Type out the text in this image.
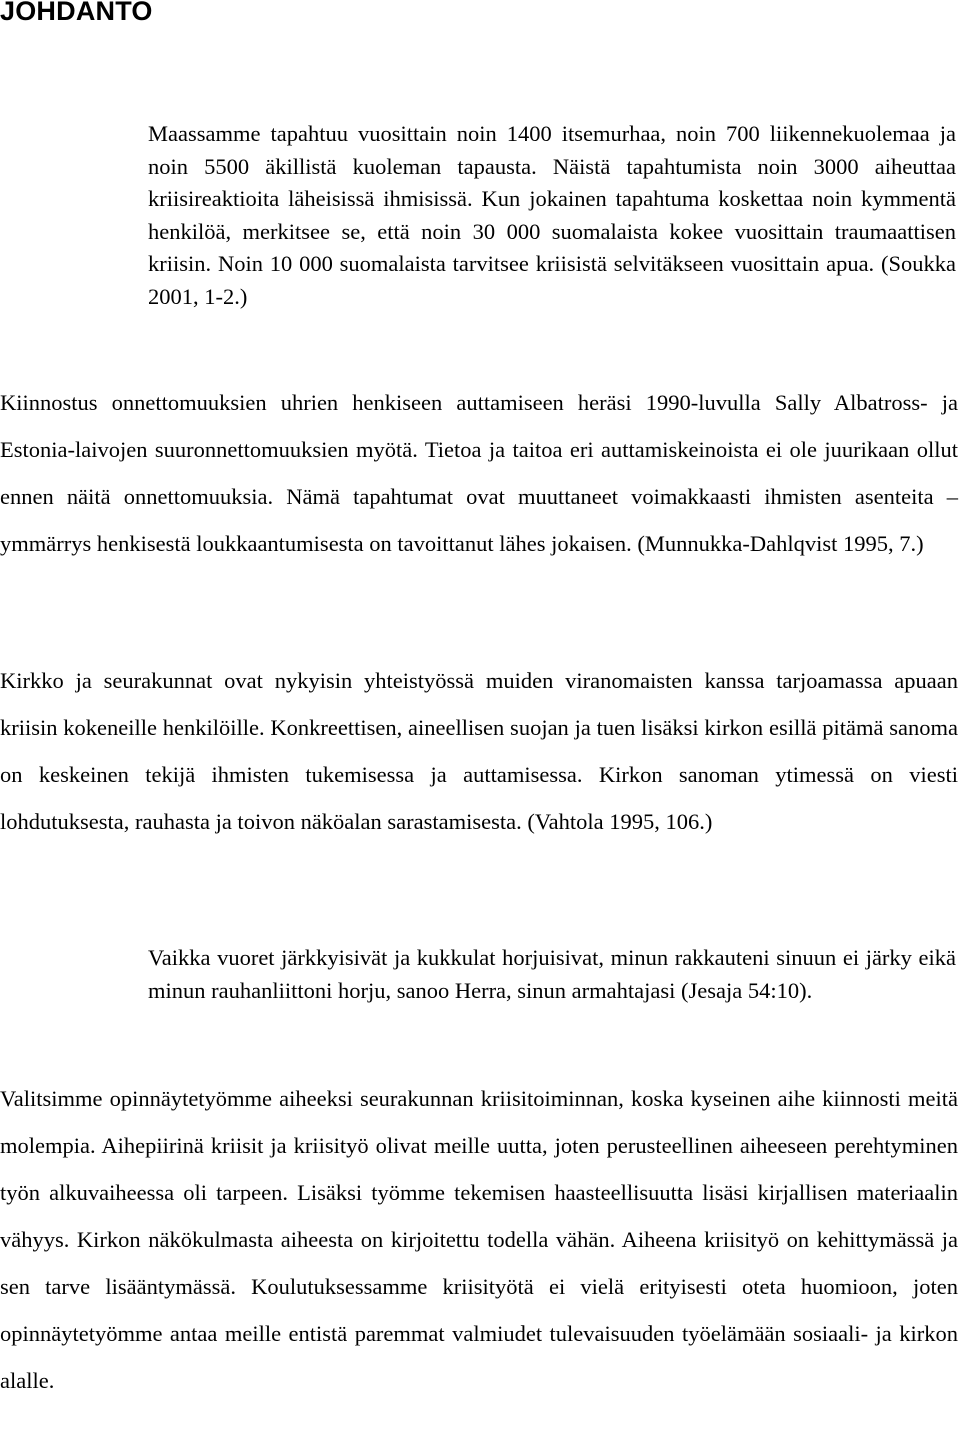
JOHDANTO

Maassamme tapahtuu vuosittain noin 1400 itsemurhaa, noin 700 liikennekuolemaa ja noin 5500 äkillistä kuoleman tapausta. Näistä tapahtumista noin 3000 aiheuttaa kriisireaktioita läheisissä ihmisissä. Kun jokainen tapahtuma koskettaa noin kymmentä henkilöä, merkitsee se, että noin 30 000 suomalaista kokee vuosittain traumaattisen kriisin. Noin 10 000 suomalaista tarvitsee kriisistä selvitäkseen vuosittain apua. (Soukka 2001, 1-​2.)

Kiinnostus onnettomuuksien uhrien henkiseen auttamiseen heräsi 1990-luvulla Sally Albatross- ja Estonia-laivojen suuronnettomuuksien myötä. Tietoa ja taitoa eri auttamiskeinoista ei ole juurikaan ollut ennen näitä onnettomuuksia. Nämä tapahtumat ovat muuttaneet voimakkaasti ihmisten asenteita – ymmärrys henkisestä loukkaantumisesta on tavoittanut lähes jokaisen. (Munnukka-Dahlqvist 1995, 7.)

Kirkko ja seurakunnat ovat nykyisin yhteistyössä muiden viranomaisten kanssa tarjoamassa apuaan kriisin kokeneille henkilöille. Konkreettisen, aineellisen suojan ja tuen lisäksi kirkon esillä pitämä sanoma on keskeinen tekijä ihmisten tukemisessa ja auttamisessa. Kirkon sanoman ytimessä on viesti lohdutuksesta, rauhasta ja toivon näköalan sarastamisesta. (Vahtola 1995, 106.)

Vaikka vuoret järkkyisivät ja kukkulat horjuisivat, minun rakkauteni sinuun ei järky eikä minun rauhanliittoni horju, sanoo Herra, sinun armahtajasi (Jesaja 54:10).

Valitsimme opinnäytetyömme aiheeksi seurakunnan kriisitoiminnan, koska kyseinen aihe kiinnosti meitä molempia. Aihepiirinä kriisit ja kriisityö olivat meille uutta, joten perusteellinen aiheeseen perehtyminen työn alkuvaiheessa oli tarpeen. Lisäksi työmme tekemisen haasteellisuutta lisäsi kirjallisen materiaalin vähyys. Kirkon näkökulmasta aiheesta on kirjoitettu todella vähän. Aiheena kriisityö on kehittymässä ja sen tarve lisääntymässä. Koulutuksessamme kriisityötä ei vielä erityisesti oteta huomioon, joten opinnäytetyömme antaa meille entistä paremmat valmiudet tulevaisuuden työelämään sosiaali- ja kirkon alalle.
